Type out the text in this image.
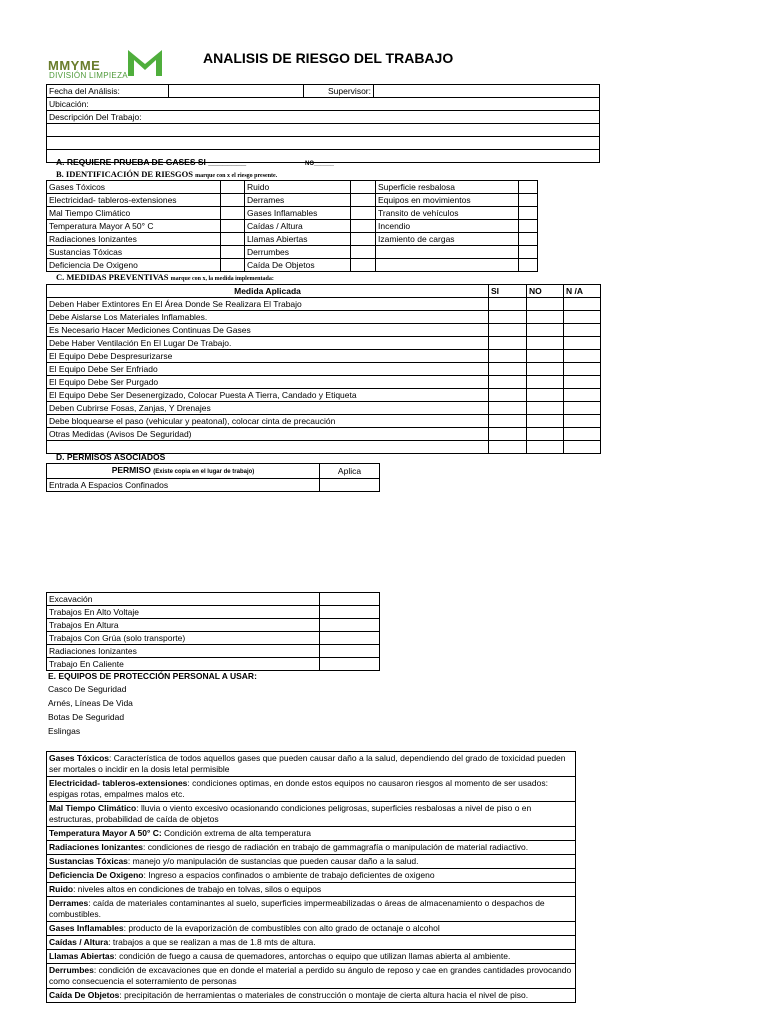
MMYME
DIVISIÓN LIMPIEZA
ANALISIS DE RIESGO DEL TRABAJO
Fecha del Análisis:		Supervisor:	
Ubicación:
Descripción Del Trabajo:

A. REQUIERE PRUEBA DE GASES SI ________	NO______
B. IDENTIFICACIÓN DE RIESGOS marque con x el riesgo presente.
Gases Tóxicos		Ruido		Superficie resbalosa	
Electricidad- tableros-extensiones		Derrames		Equipos en movimientos	
Mal Tiempo Climático		Gases Inflamables		Transito de vehículos	
Temperatura Mayor A 50° C		Caídas / Altura		Incendio	
Radiaciones Ionizantes		Llamas Abiertas		Izamiento de cargas	
Sustancias Tóxicas		Derrumbes			
Deficiencia De Oxigeno		Caída De Objetos			
C. MEDIDAS PREVENTIVAS marque con x, la medida implementada:
Medida Aplicada	SI	NO	N /A
Deben Haber Extintores En El Área Donde Se Realizara El Trabajo			
Debe Aislarse Los Materiales Inflamables.			
Es Necesario Hacer Mediciones Continuas De Gases			
Debe Haber Ventilación En El Lugar De Trabajo.			
El Equipo Debe Despresurizarse			
El Equipo Debe Ser Enfriado			
El Equipo Debe Ser Purgado			
El Equipo Debe Ser Desenergizado, Colocar Puesta A Tierra, Candado y Etiqueta			
Deben Cubrirse Fosas, Zanjas, Y Drenajes			
Debe bloquearse el paso (vehicular y peatonal), colocar cinta de precaución			
Otras Medidas (Avisos De Seguridad)			

D. PERMISOS ASOCIADOS
PERMISO (Existe copia en el lugar de trabajo)	Aplica
Entrada A Espacios Confinados	
Excavación	
Trabajos En Alto Voltaje	
Trabajos En Altura	
Trabajos Con Grúa (solo transporte)	
Radiaciones Ionizantes	
Trabajo En Caliente	
E. EQUIPOS DE PROTECCIÓN PERSONAL A USAR:
Casco De Seguridad
Arnés, Líneas De Vida
Botas De Seguridad
Eslingas
Gases Tóxicos: Característica de todos aquellos gases que pueden causar daño a la salud, dependiendo del grado de toxicidad pueden ser mortales o incidir en la dosis letal permisible
Electricidad- tableros-extensiones: condiciones optimas, en donde estos equipos no causaron riesgos al momento de ser usados: espigas rotas, empalmes malos etc.
Mal Tiempo Climático: lluvia o viento excesivo ocasionando condiciones peligrosas, superficies resbalosas a nivel de piso o en estructuras, probabilidad de caída de objetos
Temperatura Mayor A 50° C: Condición extrema de alta temperatura
Radiaciones Ionizantes: condiciones de riesgo de radiación en trabajo de gammagrafía o manipulación de material radiactivo.
Sustancias Tóxicas: manejo y/o manipulación de sustancias que pueden causar daño a la salud.
Deficiencia De Oxigeno: Ingreso a espacios confinados o ambiente de trabajo deficientes de oxigeno
Ruido: niveles altos en condiciones de trabajo en tolvas, silos o equipos
Derrames: caída de materiales contaminantes al suelo, superficies impermeabilizadas o áreas de almacenamiento o despachos de combustibles.
Gases Inflamables: producto de la evaporización de combustibles con alto grado de octanaje o alcohol
Caídas / Altura: trabajos a que se realizan a mas de 1.8 mts de altura.
Llamas Abiertas: condición de fuego a causa de quemadores, antorchas o equipo que utilizan llamas abierta al ambiente.
Derrumbes: condición de excavaciones que en donde el material a perdido su ángulo de reposo y cae en grandes cantidades provocando como consecuencia el soterramiento de personas
Caída De Objetos: precipitación de herramientas o materiales de construcción o montaje de cierta altura hacia el nivel de piso.
